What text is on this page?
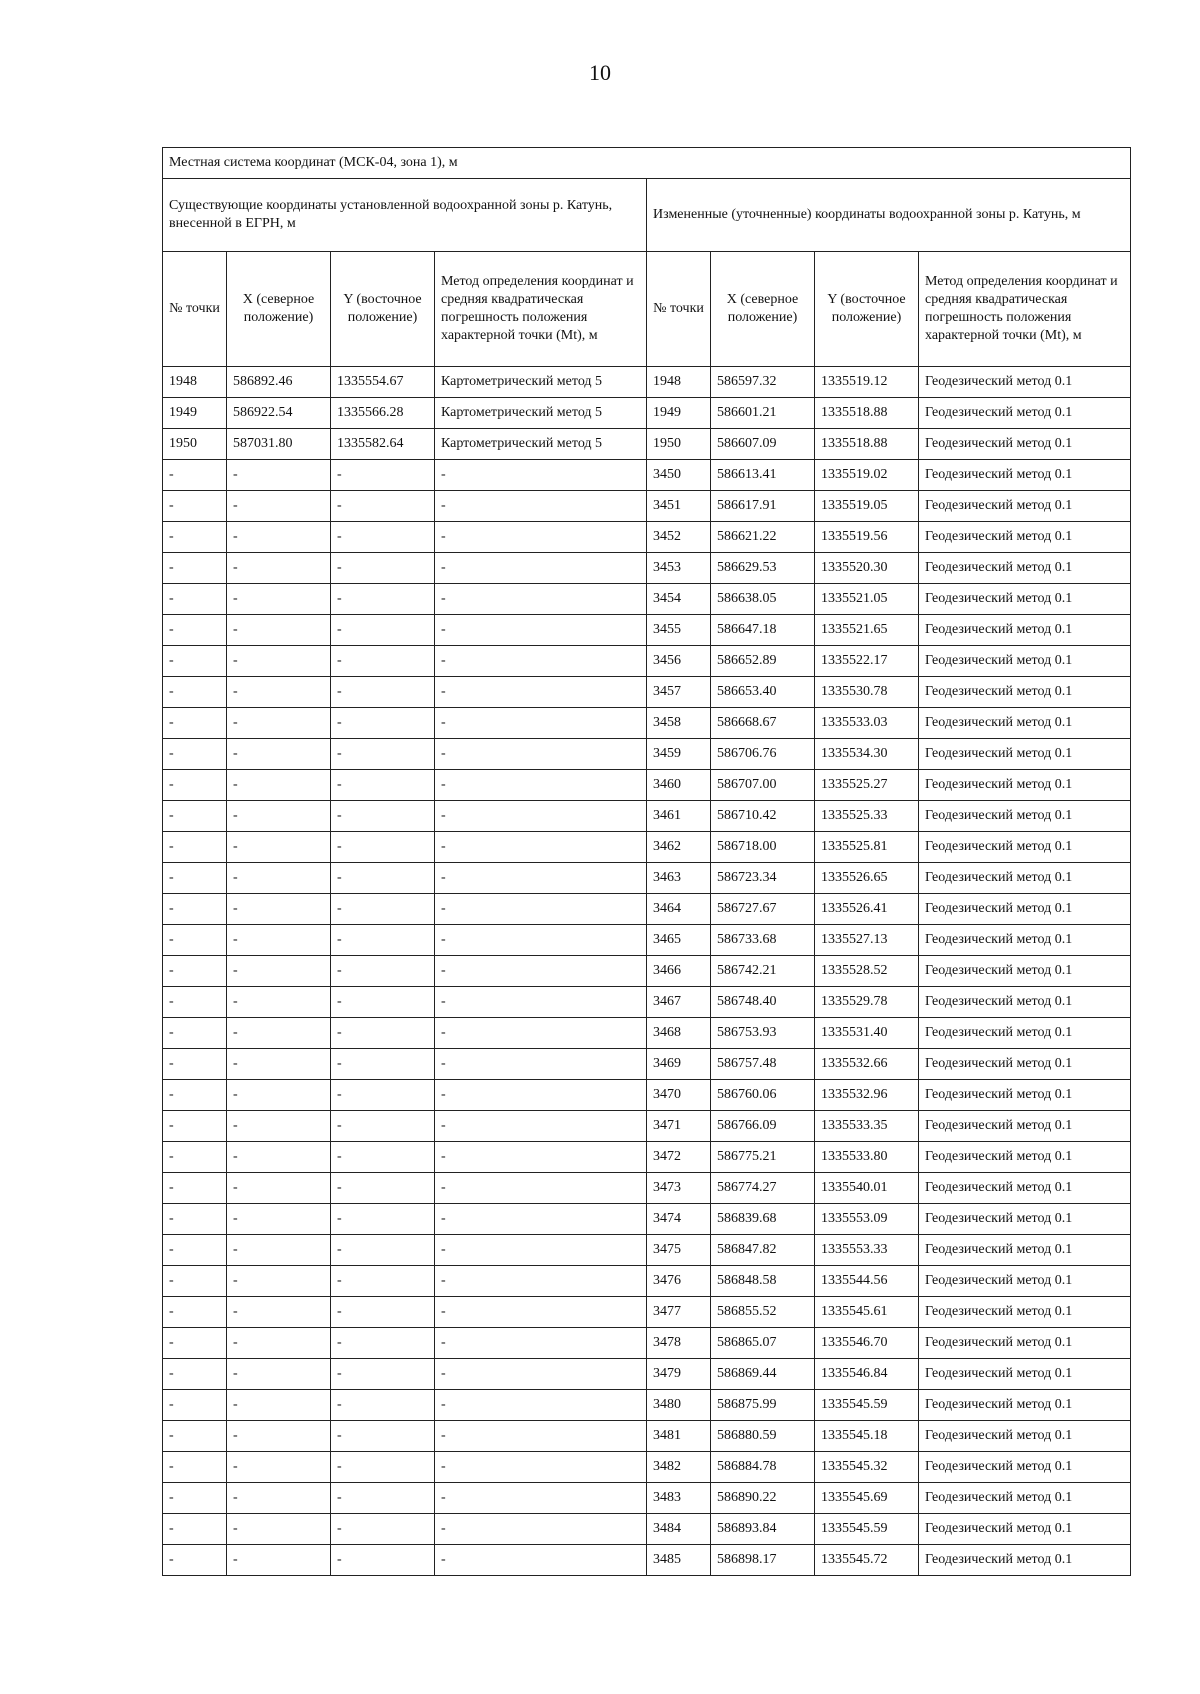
10
Местная система координат (МСК-04, зона 1), м							
Существующие координаты установленной водоохранной зоны р. Катунь, внесенной в ЕГРН, м				Измененные (уточненные) координаты водоохранной зоны р. Катунь, м			
№ точки	X (северное положение)	Y (восточное положение)	Метод определения координат и средняя квадратическая погрешность положения характерной точки (Mt), м	№ точки	X (северное положение)	Y (восточное положение)	Метод определения координат и средняя квадратическая погрешность положения характерной точки (Mt), м
1948	586892.46	1335554.67	Картометрический метод 5	1948	586597.32	1335519.12	Геодезический метод 0.1
1949	586922.54	1335566.28	Картометрический метод 5	1949	586601.21	1335518.88	Геодезический метод 0.1
1950	587031.80	1335582.64	Картометрический метод 5	1950	586607.09	1335518.88	Геодезический метод 0.1
-	-	-	-	3450	586613.41	1335519.02	Геодезический метод 0.1
-	-	-	-	3451	586617.91	1335519.05	Геодезический метод 0.1
-	-	-	-	3452	586621.22	1335519.56	Геодезический метод 0.1
-	-	-	-	3453	586629.53	1335520.30	Геодезический метод 0.1
-	-	-	-	3454	586638.05	1335521.05	Геодезический метод 0.1
-	-	-	-	3455	586647.18	1335521.65	Геодезический метод 0.1
-	-	-	-	3456	586652.89	1335522.17	Геодезический метод 0.1
-	-	-	-	3457	586653.40	1335530.78	Геодезический метод 0.1
-	-	-	-	3458	586668.67	1335533.03	Геодезический метод 0.1
-	-	-	-	3459	586706.76	1335534.30	Геодезический метод 0.1
-	-	-	-	3460	586707.00	1335525.27	Геодезический метод 0.1
-	-	-	-	3461	586710.42	1335525.33	Геодезический метод 0.1
-	-	-	-	3462	586718.00	1335525.81	Геодезический метод 0.1
-	-	-	-	3463	586723.34	1335526.65	Геодезический метод 0.1
-	-	-	-	3464	586727.67	1335526.41	Геодезический метод 0.1
-	-	-	-	3465	586733.68	1335527.13	Геодезический метод 0.1
-	-	-	-	3466	586742.21	1335528.52	Геодезический метод 0.1
-	-	-	-	3467	586748.40	1335529.78	Геодезический метод 0.1
-	-	-	-	3468	586753.93	1335531.40	Геодезический метод 0.1
-	-	-	-	3469	586757.48	1335532.66	Геодезический метод 0.1
-	-	-	-	3470	586760.06	1335532.96	Геодезический метод 0.1
-	-	-	-	3471	586766.09	1335533.35	Геодезический метод 0.1
-	-	-	-	3472	586775.21	1335533.80	Геодезический метод 0.1
-	-	-	-	3473	586774.27	1335540.01	Геодезический метод 0.1
-	-	-	-	3474	586839.68	1335553.09	Геодезический метод 0.1
-	-	-	-	3475	586847.82	1335553.33	Геодезический метод 0.1
-	-	-	-	3476	586848.58	1335544.56	Геодезический метод 0.1
-	-	-	-	3477	586855.52	1335545.61	Геодезический метод 0.1
-	-	-	-	3478	586865.07	1335546.70	Геодезический метод 0.1
-	-	-	-	3479	586869.44	1335546.84	Геодезический метод 0.1
-	-	-	-	3480	586875.99	1335545.59	Геодезический метод 0.1
-	-	-	-	3481	586880.59	1335545.18	Геодезический метод 0.1
-	-	-	-	3482	586884.78	1335545.32	Геодезический метод 0.1
-	-	-	-	3483	586890.22	1335545.69	Геодезический метод 0.1
-	-	-	-	3484	586893.84	1335545.59	Геодезический метод 0.1
-	-	-	-	3485	586898.17	1335545.72	Геодезический метод 0.1
